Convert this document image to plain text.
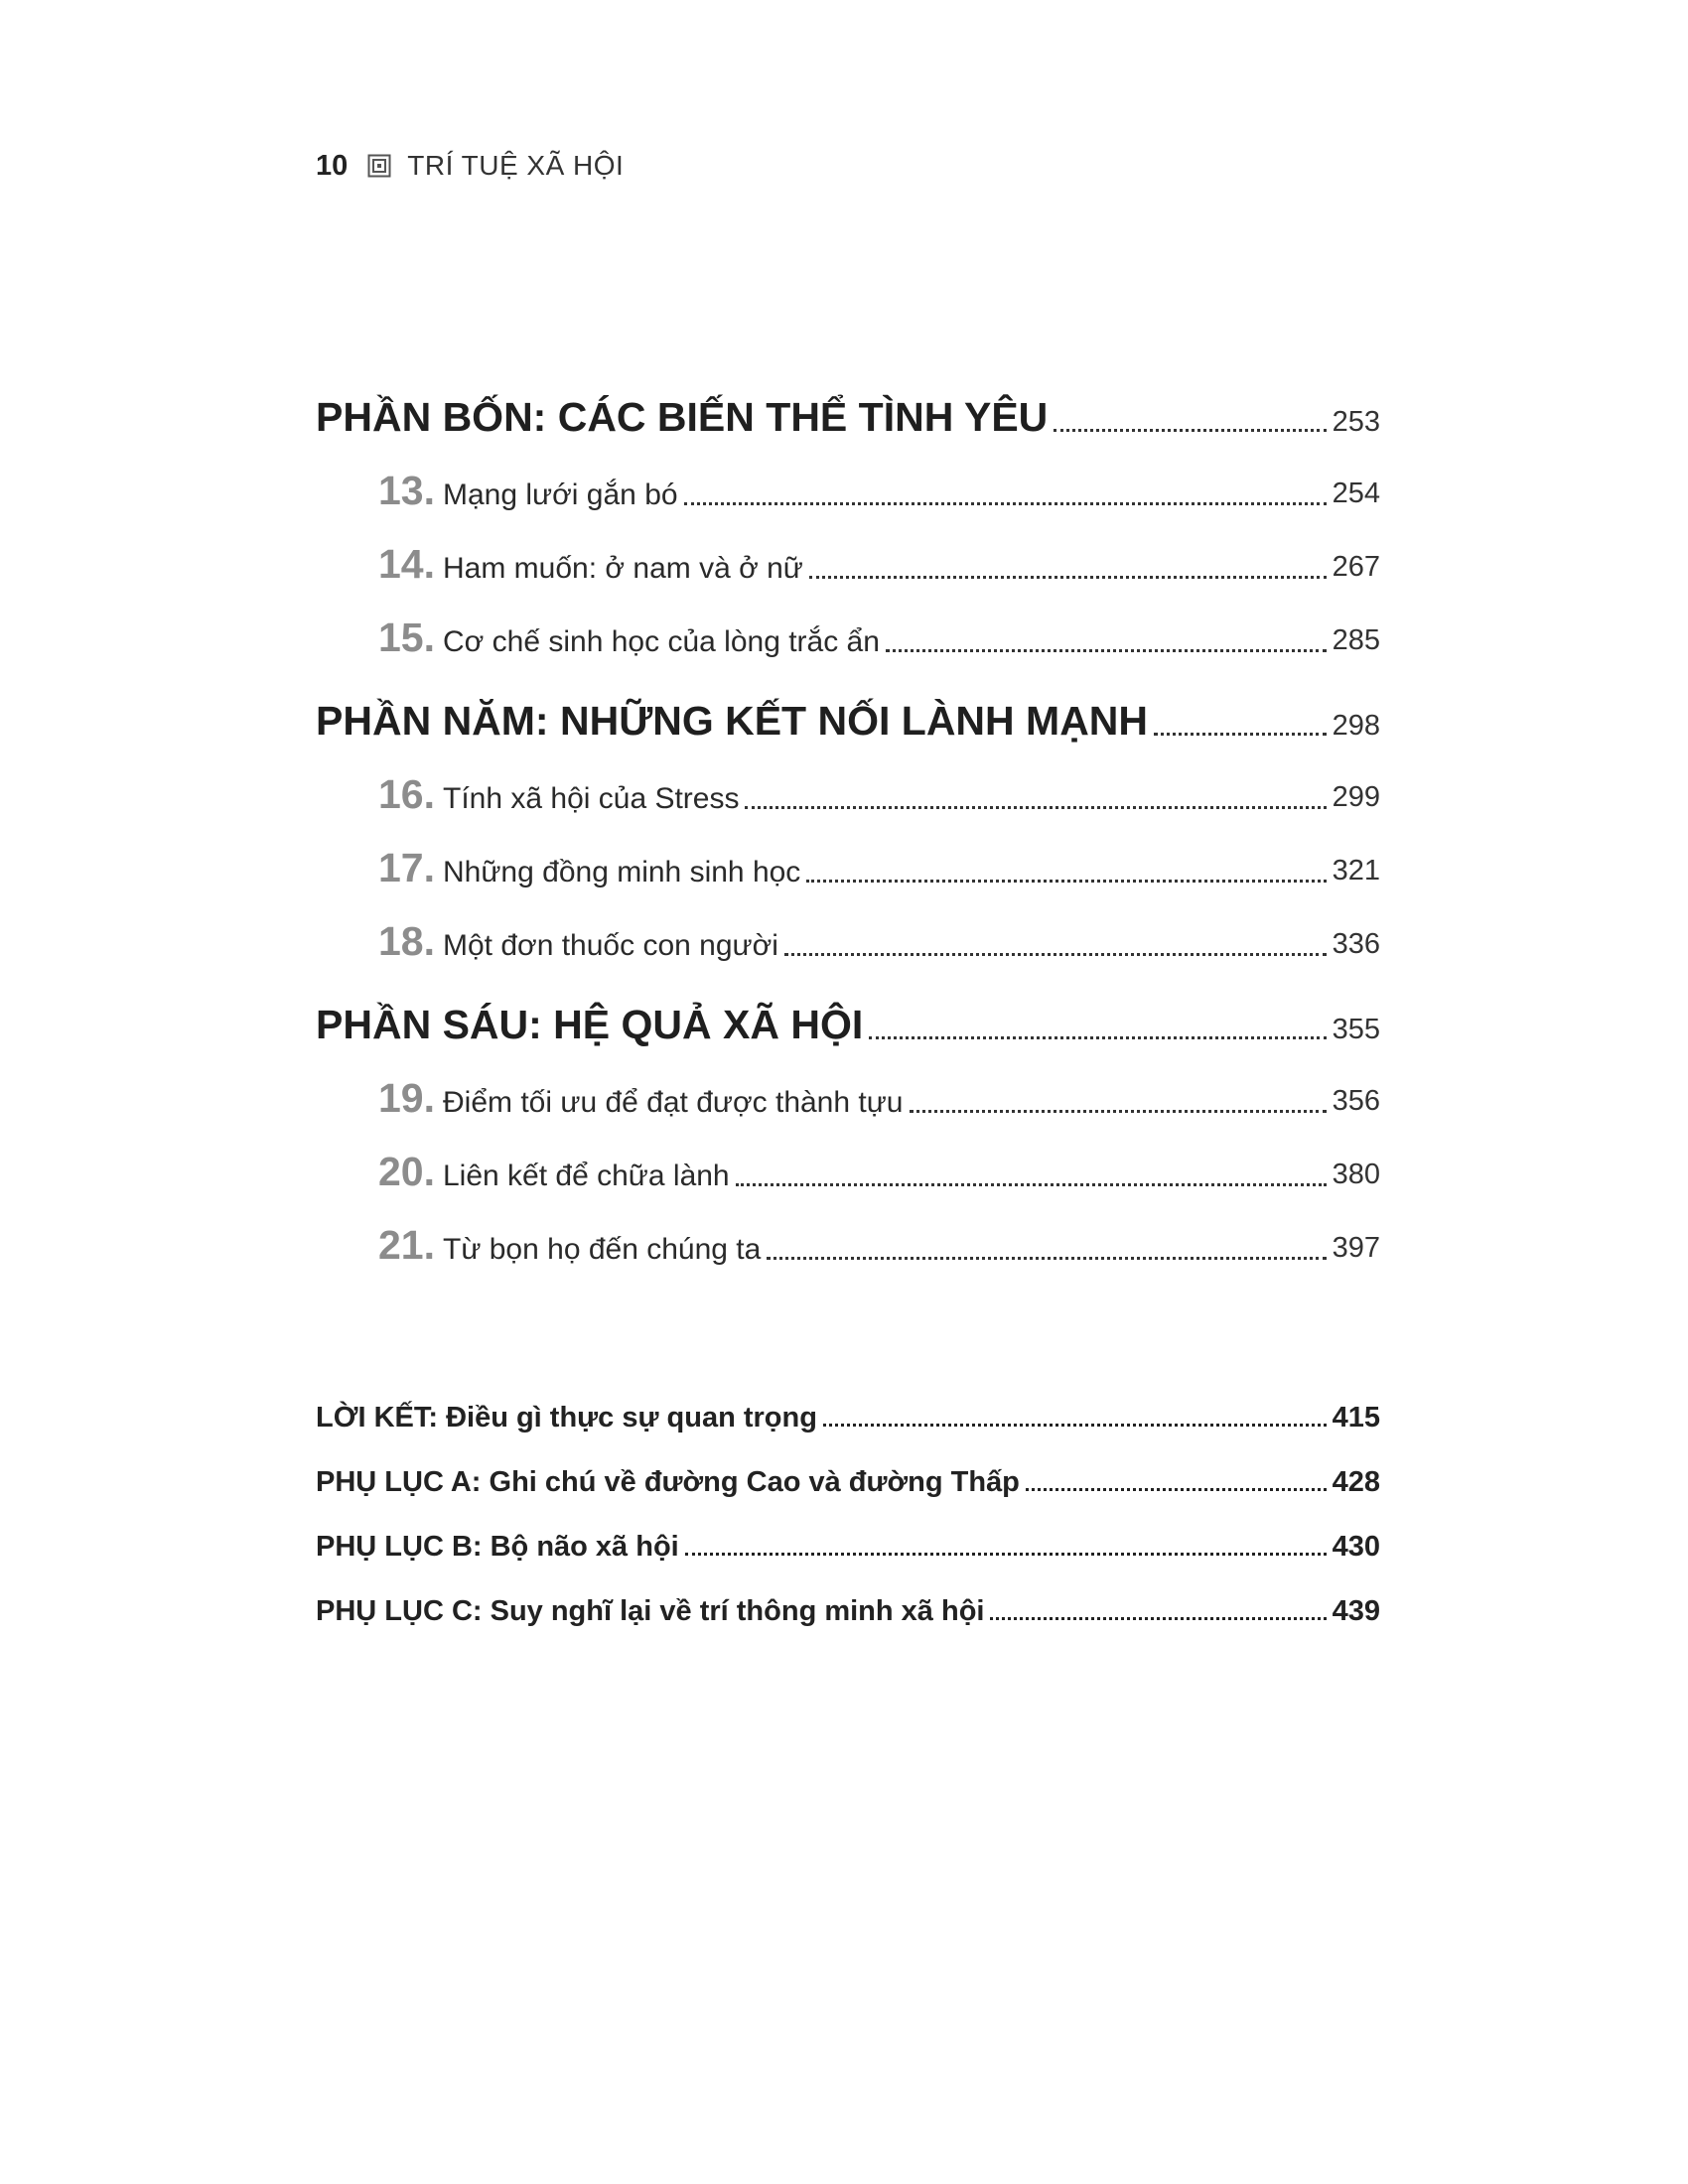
10 TRÍ TUỆ XÃ HỘI
PHẦN BỐN: CÁC BIẾN THỂ TÌNH YÊU	253
13. Mạng lưới gắn bó	254
14. Ham muốn: ở nam và ở nữ	267
15. Cơ chế sinh học của lòng trắc ẩn	285
PHẦN NĂM: NHỮNG KẾT NỐI LÀNH MẠNH	298
16. Tính xã hội của Stress	299
17. Những đồng minh sinh học	321
18. Một đơn thuốc con người	336
PHẦN SÁU: HỆ QUẢ XÃ HỘI	355
19. Điểm tối ưu để đạt được thành tựu	356
20. Liên kết để chữa lành	380
21. Từ bọn họ đến chúng ta	397
LỜI KẾT: Điều gì thực sự quan trọng	415
PHỤ LỤC A: Ghi chú về đường Cao và đường Thấp	428
PHỤ LỤC B: Bộ não xã hội	430
PHỤ LỤC C: Suy nghĩ lại về trí thông minh xã hội	439
